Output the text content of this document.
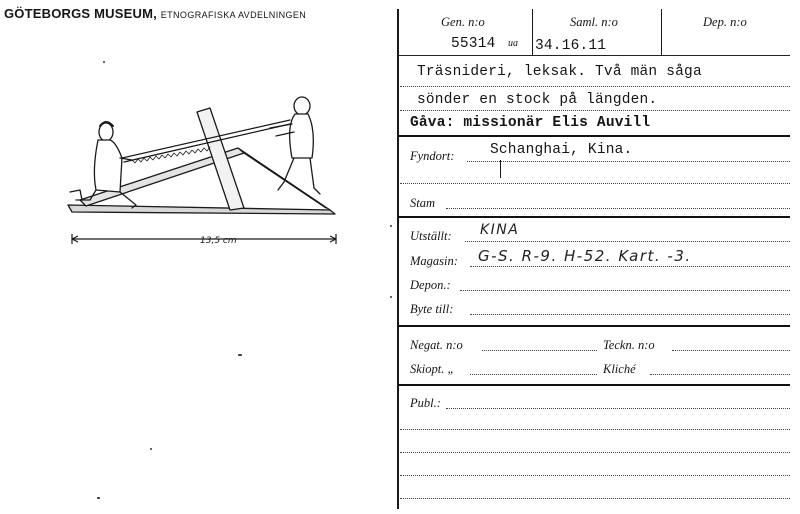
GÖTEBORGS MUSEUM, ETNOGRAFISKA AVDELNINGEN
13,5 cm
Gen. n:o	Saml. n:o	Dep. n:o
55314 ua 34.16.11
Träsnideri, leksak. Två män såga
sönder en stock på längden.
Gåva: missionär Elis Auvill
Fyndort: Schanghai, Kina.
Stam
Utställt: KINA
Magasin: G-S. R-9. H-52. Kart. -3.
Depon.:
Byte till:
Negat. n:o	Teckn. n:o
Skiopt. „	Kliché
Publ.:
